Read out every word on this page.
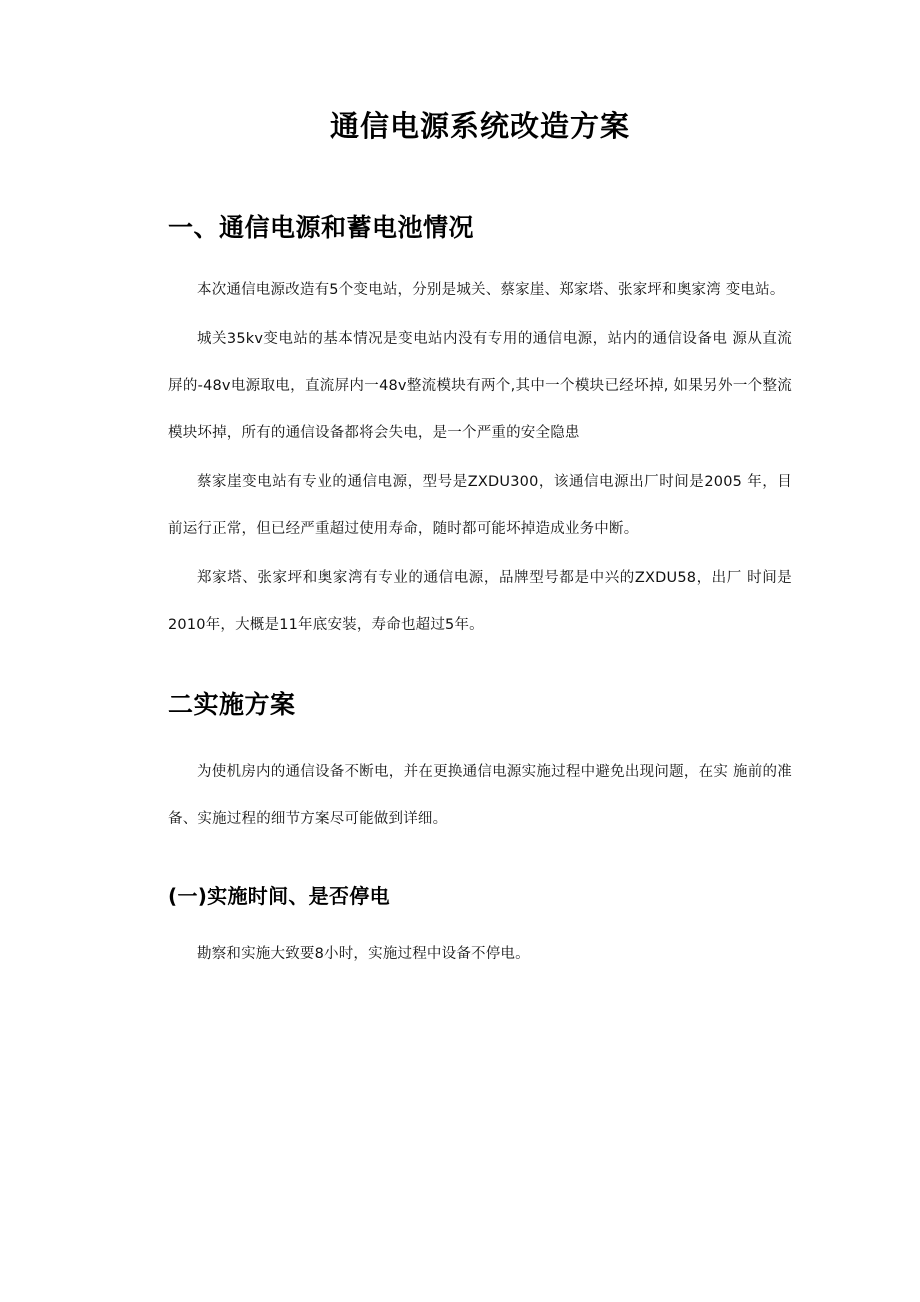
通信电源系统改造方案
一、通信电源和蓄电池情况

本次通信电源改造有5个变电站，分别是城关、蔡家崖、郑家塔、张家坪和奥家湾 变电站。

城关35kv变电站的基本情况是变电站内没有专用的通信电源，站内的通信设备电 源从直流屏的-48v电源取电，直流屏内一48v整流模块有两个,其中一个模块已经坏掉, 如果另外一个整流模块坏掉，所有的通信设备都将会失电，是一个严重的安全隐患

蔡家崖变电站有专业的通信电源，型号是ZXDU300，该通信电源出厂时间是2005 年，目前运行正常，但已经严重超过使用寿命，随时都可能坏掉造成业务中断。

郑家塔、张家坪和奥家湾有专业的通信电源，品牌型号都是中兴的ZXDU58，出厂 时间是2010年，大概是11年底安装，寿命也超过5年。

二实施方案

为使机房内的通信设备不断电，并在更换通信电源实施过程中避免出现问题，在实 施前的准备、实施过程的细节方案尽可能做到详细。

(一)实施时间、是否停电

勘察和实施大致要8小时，实施过程中设备不停电。
